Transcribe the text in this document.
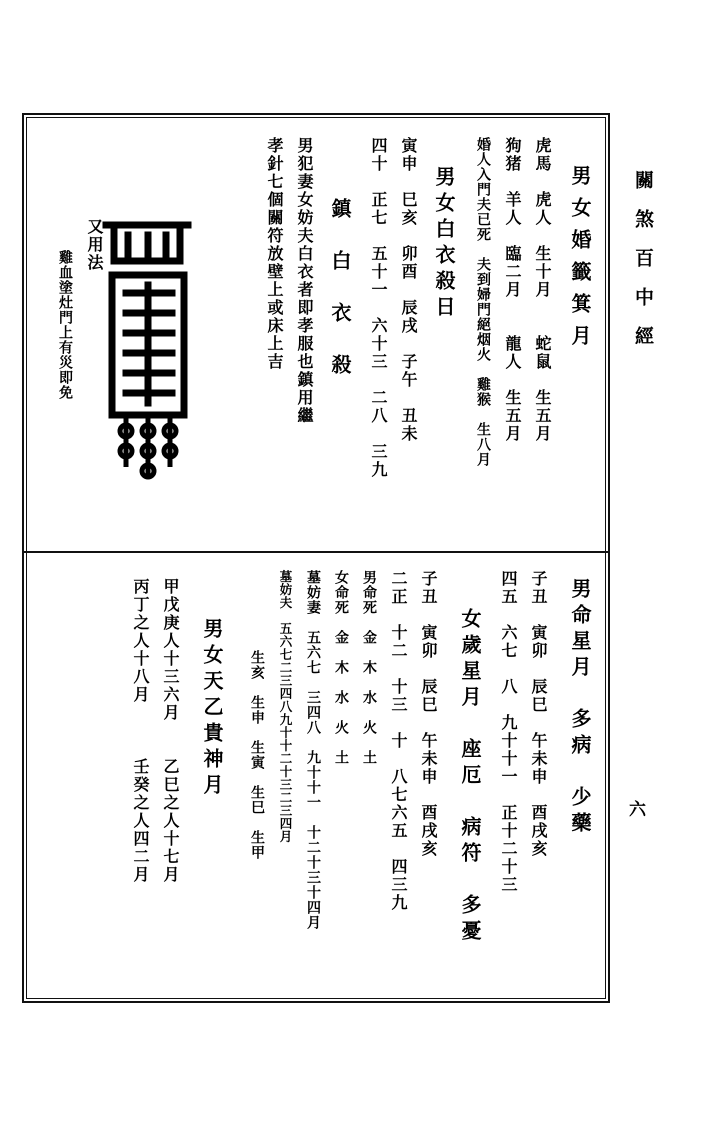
關煞百中經
六
男女婚籤箕月
虎馬　虎人　生十月　　蛇鼠　生五月
狗猪　羊人　臨二月　　龍人　生五月
婚人入門夫已死　夫到婦門絕烟火　雞猴　生八月
男女白衣殺日
寅申　巳亥　卯酉　辰戌　子午　丑未
四十　正七　五十一　六十三　二八　三九
鎮　白　衣　殺
男犯妻女妨夫白衣者即孝服也鎮用繼
孝針七個關符放壁上或床上吉
又用法
雞血塗灶門上有災即免
男命星月　多病　少藥
子丑　寅卯　辰巳　午未申　酉戌亥
四五　六七　八　九十十一　正十二十三
女歲星月　座厄　病符　多憂
子丑　寅卯　辰巳　午未申　酉戌亥
二正　十二　十三　十　八七六五　四三九
男命死　金　木　水　火　土
女命死　金　木　水　火　土
墓妨妻　五六七　三四八　九十十一　十二十三十四月
墓妨夫　五六七二三四八九十十二十三二三四月
生亥　生申　生寅　生巳　生甲
男女天乙貴神月
甲戊庚人十三六月　　乙巳之人十七月
丙丁之人十八月　　　壬癸之人四二月
